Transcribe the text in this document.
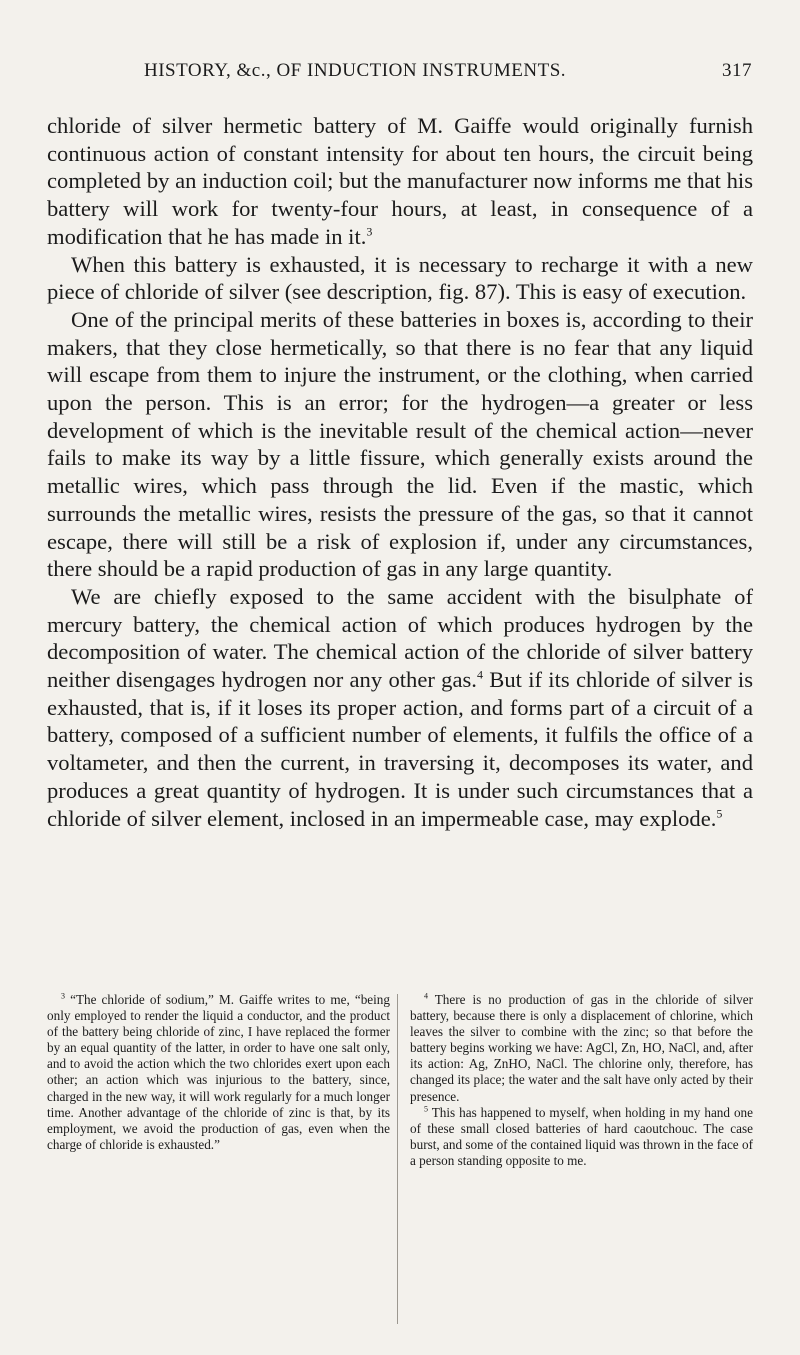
HISTORY, &c., OF INDUCTION INSTRUMENTS.	317

chloride of silver hermetic battery of M. Gaiffe would originally furnish continuous action of constant intensity for about ten hours, the circuit being completed by an induction coil; but the manufacturer now informs me that his battery will work for twenty-four hours, at least, in consequence of a modification that he has made in it.$^3$

When this battery is exhausted, it is necessary to recharge it with a new piece of chloride of silver (see description, fig. 87). This is easy of execution.

One of the principal merits of these batteries in boxes is, according to their makers, that they close hermetically, so that there is no fear that any liquid will escape from them to injure the instrument, or the clothing, when carried upon the person. This is an error; for the hydrogen—a greater or less development of which is the inevitable result of the chemical action—never fails to make its way by a little fissure, which generally exists around the metallic wires, which pass through the lid. Even if the mastic, which surrounds the metallic wires, resists the pressure of the gas, so that it cannot escape, there will still be a risk of explosion if, under any circumstances, there should be a rapid production of gas in any large quantity.

We are chiefly exposed to the same accident with the bisulphate of mercury battery, the chemical action of which produces hydrogen by the decomposition of water. The chemical action of the chloride of silver battery neither disengages hydrogen nor any other gas.$^4$ But if its chloride of silver is exhausted, that is, if it loses its proper action, and forms part of a circuit of a battery, composed of a sufficient number of elements, it fulfils the office of a voltameter, and then the current, in traversing it, decomposes its water, and produces a great quantity of hydrogen. It is under such circumstances that a chloride of silver element, inclosed in an impermeable case, may explode.$^5$

$^3$ “The chloride of sodium,” M. Gaiffe writes to me, “being only employed to render the liquid a conductor, and the product of the battery being chloride of zinc, I have replaced the former by an equal quantity of the latter, in order to have one salt only, and to avoid the action which the two chlorides exert upon each other; an action which was injurious to the battery, since, charged in the new way, it will work regularly for a much longer time. Another advantage of the chloride of zinc is that, by its employment, we avoid the production of gas, even when the charge of chloride is exhausted.”

$^4$ There is no production of gas in the chloride of silver battery, because there is only a displacement of chlorine, which leaves the silver to combine with the zinc; so that before the battery begins working we have: AgCl, Zn, HO, NaCl, and, after its action: Ag, ZnHO, NaCl. The chlorine only, therefore, has changed its place; the water and the salt have only acted by their presence.

$^5$ This has happened to myself, when holding in my hand one of these small closed batteries of hard caoutchouc. The case burst, and some of the contained liquid was thrown in the face of a person standing opposite to me.
